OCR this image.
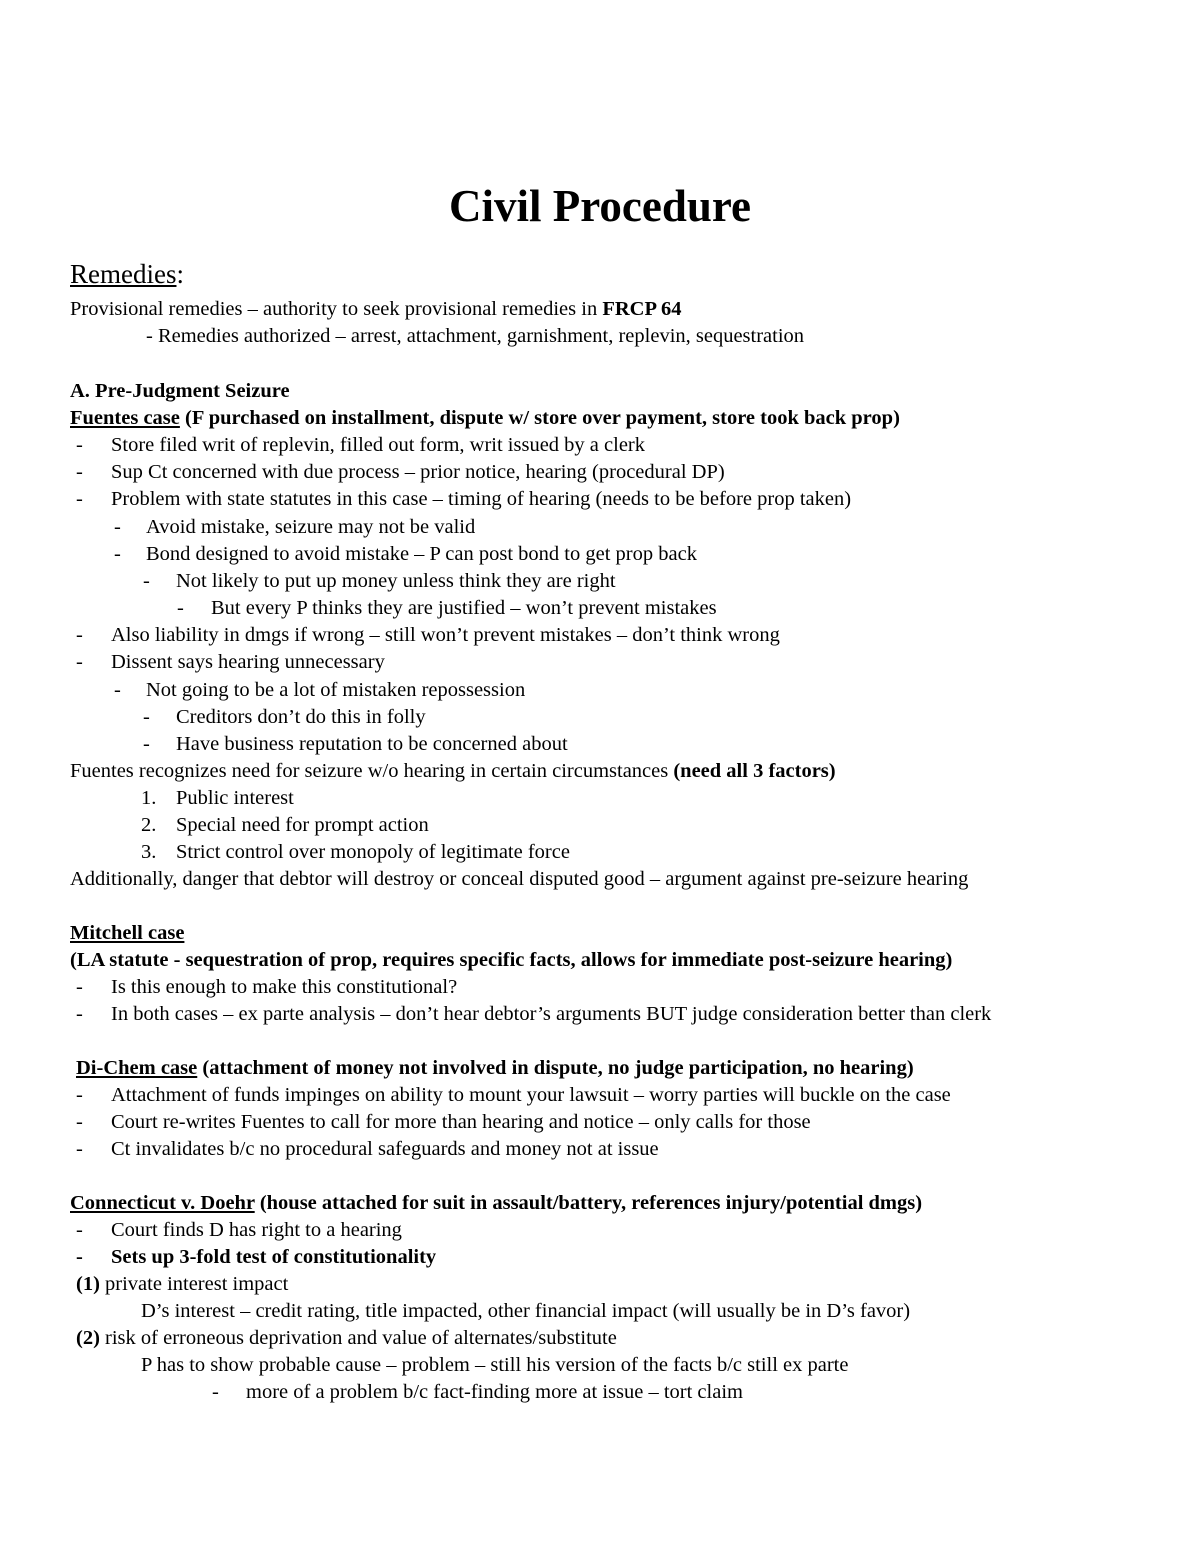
Civil Procedure
Remedies:
Provisional remedies – authority to seek provisional remedies in FRCP 64
- Remedies authorized – arrest, attachment, garnishment, replevin, sequestration
A. Pre-Judgment Seizure
Fuentes case (F purchased on installment, dispute w/ store over payment, store took back prop)
- Store filed writ of replevin, filled out form, writ issued by a clerk
- Sup Ct concerned with due process – prior notice, hearing (procedural DP)
- Problem with state statutes in this case – timing of hearing (needs to be before prop taken)
- Avoid mistake, seizure may not be valid
- Bond designed to avoid mistake – P can post bond to get prop back
- Not likely to put up money unless think they are right
- But every P thinks they are justified – won’t prevent mistakes
- Also liability in dmgs if wrong – still won’t prevent mistakes – don’t think wrong
- Dissent says hearing unnecessary
- Not going to be a lot of mistaken repossession
- Creditors don’t do this in folly
- Have business reputation to be concerned about
Fuentes recognizes need for seizure w/o hearing in certain circumstances (need all 3 factors)
1. Public interest
2. Special need for prompt action
3. Strict control over monopoly of legitimate force
Additionally, danger that debtor will destroy or conceal disputed good – argument against pre-seizure hearing
Mitchell case
(LA statute - sequestration of prop, requires specific facts, allows for immediate post-seizure hearing)
- Is this enough to make this constitutional?
- In both cases – ex parte analysis – don’t hear debtor’s arguments BUT judge consideration better than clerk
Di-Chem case (attachment of money not involved in dispute, no judge participation, no hearing)
- Attachment of funds impinges on ability to mount your lawsuit – worry parties will buckle on the case
- Court re-writes Fuentes to call for more than hearing and notice – only calls for those
- Ct invalidates b/c no procedural safeguards and money not at issue
Connecticut v. Doehr (house attached for suit in assault/battery, references injury/potential dmgs)
- Court finds D has right to a hearing
- Sets up 3-fold test of constitutionality
(1) private interest impact
D’s interest – credit rating, title impacted, other financial impact (will usually be in D’s favor)
(2) risk of erroneous deprivation and value of alternates/substitute
P has to show probable cause – problem – still his version of the facts b/c still ex parte
- more of a problem b/c fact-finding more at issue – tort claim
